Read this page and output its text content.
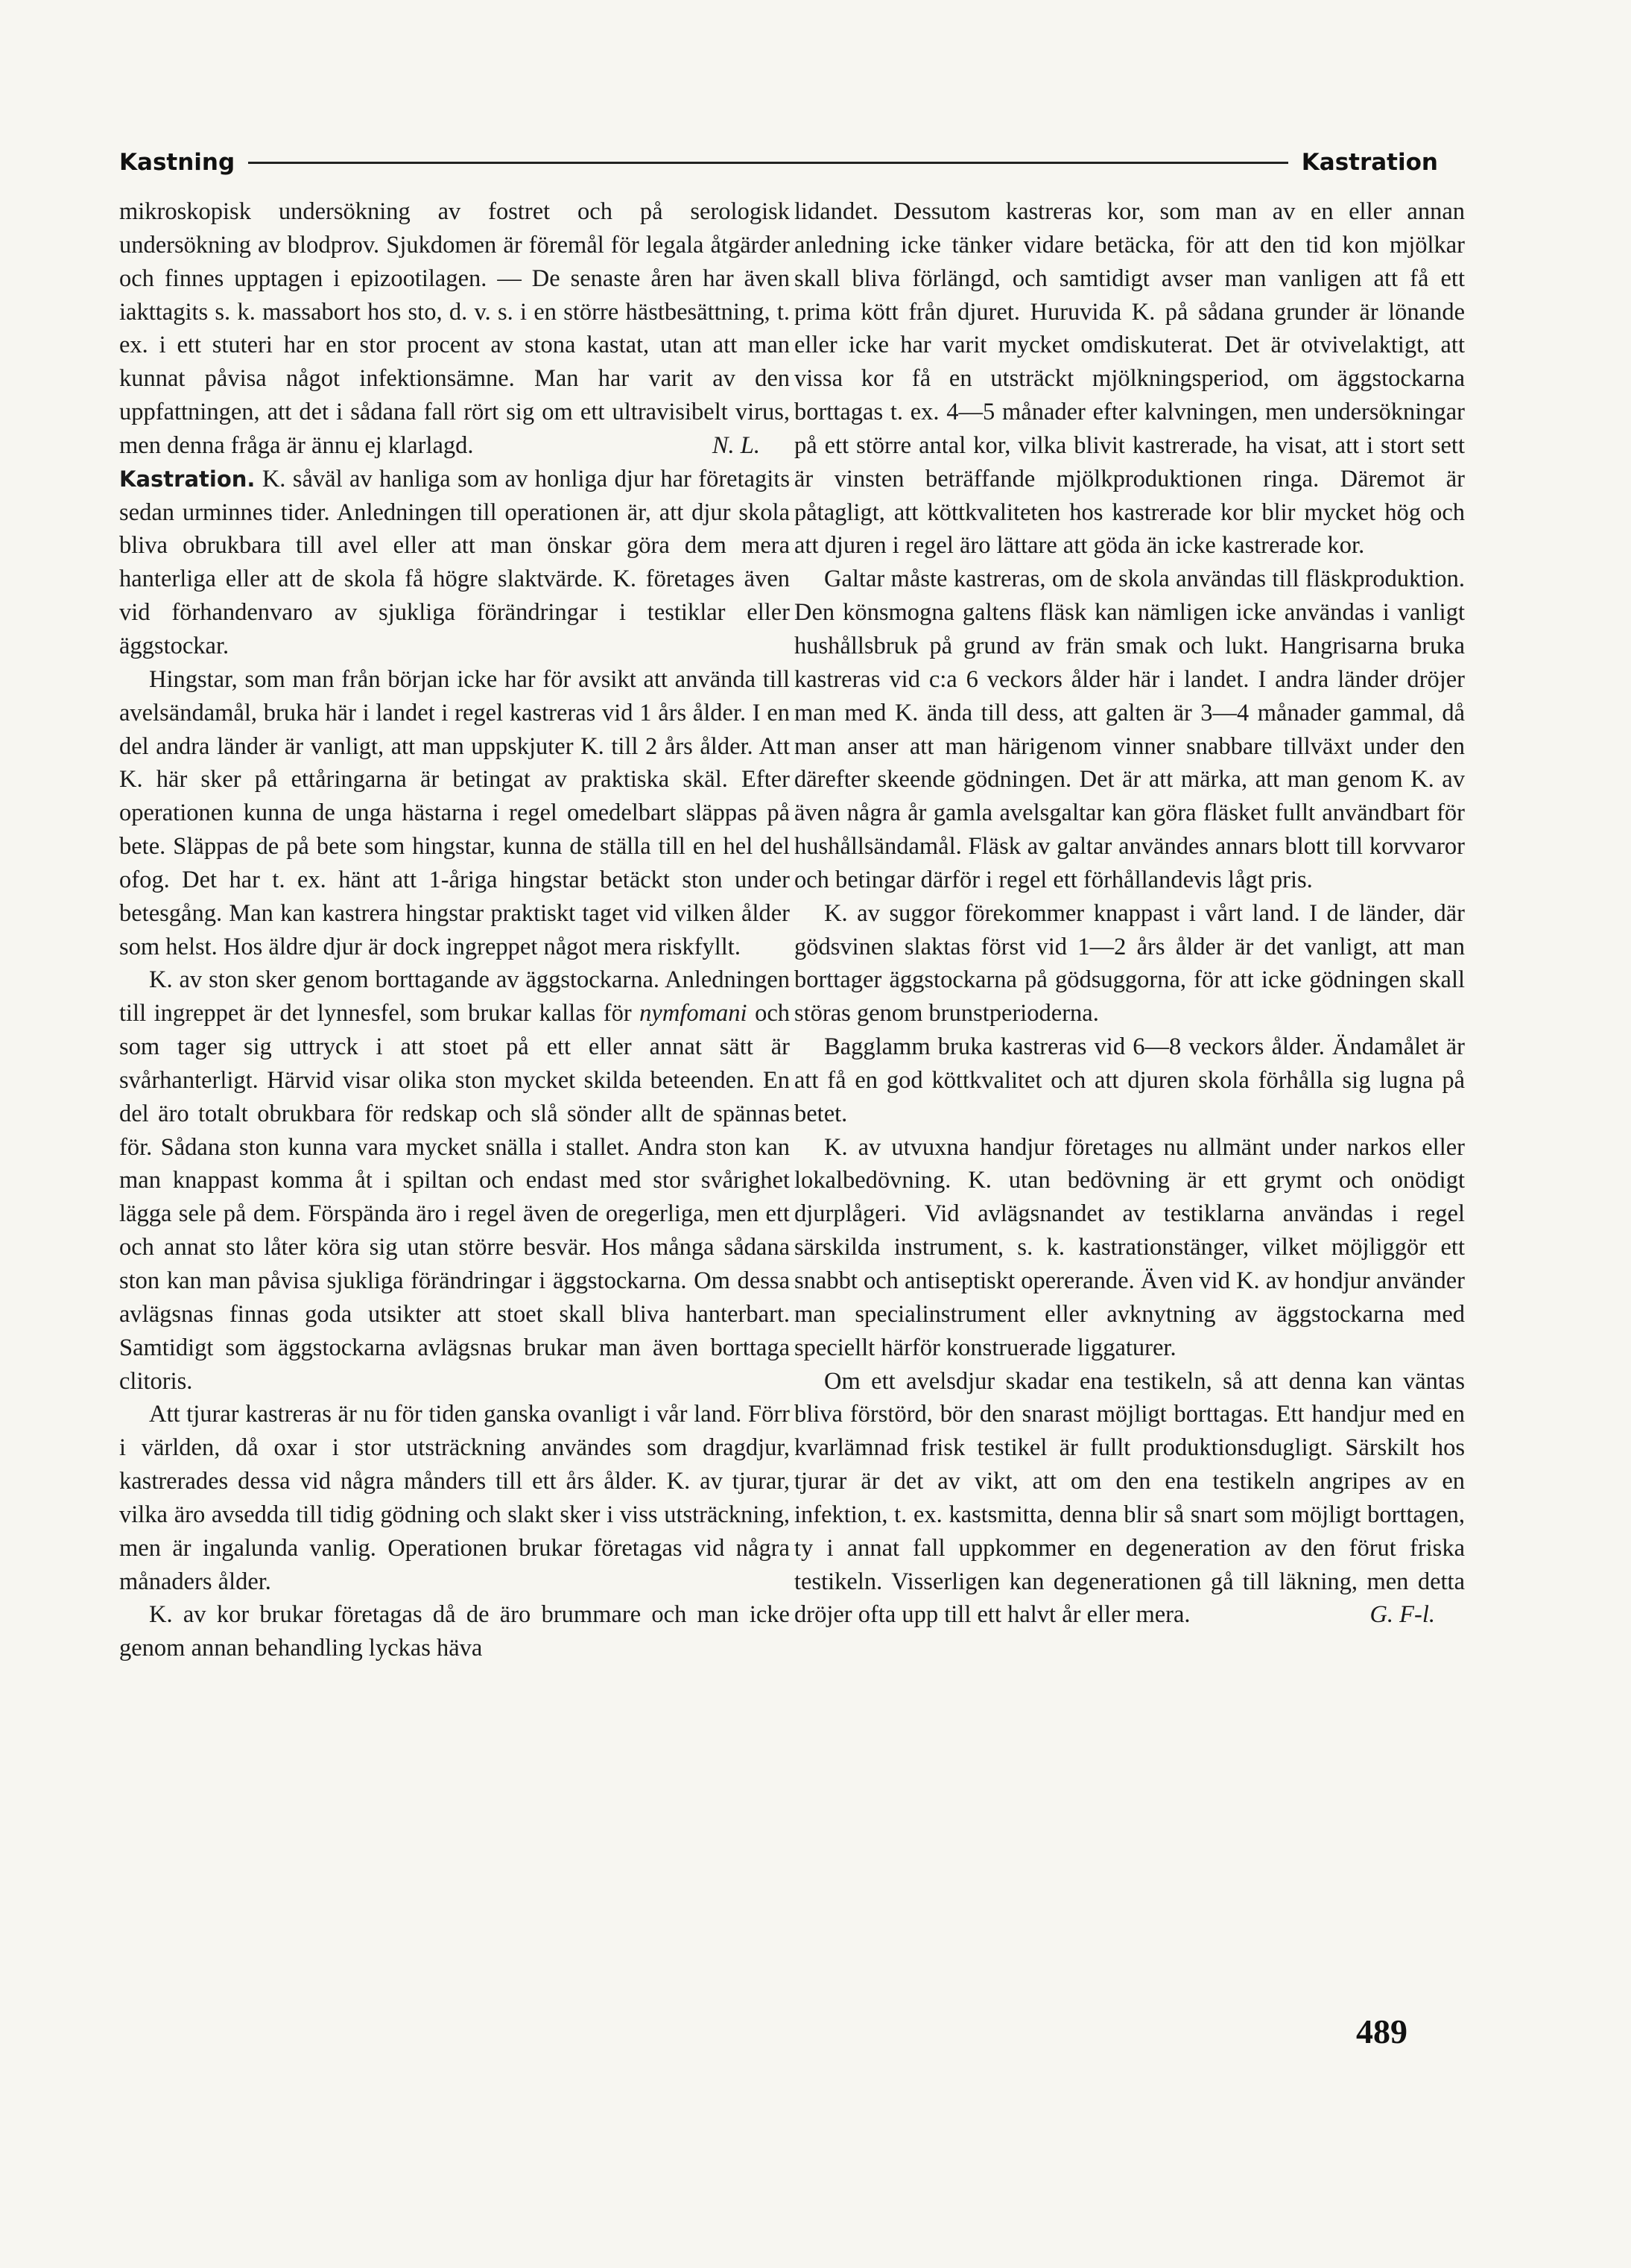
Kastning	Kastration

mikroskopisk undersökning av fostret och på serologisk undersökning av blodprov. Sjukdomen är föremål för legala åtgärder och finnes upptagen i epizootilagen. — De senaste åren har även iakttagits s. k. massabort hos sto, d. v. s. i en större hästbesättning, t. ex. i ett stuteri har en stor procent av stona kastat, utan att man kunnat påvisa något infektionsämne. Man har varit av den uppfattningen, att det i sådana fall rört sig om ett ultravisibelt virus, men denna fråga är ännu ej klarlagd.	N. L.

Kastration. K. såväl av hanliga som av honliga djur har företagits sedan urminnes tider. Anledningen till operationen är, att djur skola bliva obrukbara till avel eller att man önskar göra dem mera hanterliga eller att de skola få högre slaktvärde. K. företages även vid förhandenvaro av sjukliga förändringar i testiklar eller äggstockar.

Hingstar, som man från början icke har för avsikt att använda till avelsändamål, bruka här i landet i regel kastreras vid 1 års ålder. I en del andra länder är vanligt, att man uppskjuter K. till 2 års ålder. Att K. här sker på ettåringarna är betingat av praktiska skäl. Efter operationen kunna de unga hästarna i regel omedelbart släppas på bete. Släppas de på bete som hingstar, kunna de ställa till en hel del ofog. Det har t. ex. hänt att 1-åriga hingstar betäckt ston under betesgång. Man kan kastrera hingstar praktiskt taget vid vilken ålder som helst. Hos äldre djur är dock ingreppet något mera riskfyllt.

K. av ston sker genom borttagande av äggstockarna. Anledningen till ingreppet är det lynnesfel, som brukar kallas för nymfomani och som tager sig uttryck i att stoet på ett eller annat sätt är svårhanterligt. Härvid visar olika ston mycket skilda beteenden. En del äro totalt obrukbara för redskap och slå sönder allt de spännas för. Sådana ston kunna vara mycket snälla i stallet. Andra ston kan man knappast komma åt i spiltan och endast med stor svårighet lägga sele på dem. Förspända äro i regel även de oregerliga, men ett och annat sto låter köra sig utan större besvär. Hos många sådana ston kan man påvisa sjukliga förändringar i äggstockarna. Om dessa avlägsnas finnas goda utsikter att stoet skall bliva hanterbart. Samtidigt som äggstockarna avlägsnas brukar man även borttaga clitoris.

Att tjurar kastreras är nu för tiden ganska ovanligt i vår land. Förr i världen, då oxar i stor utsträckning användes som dragdjur, kastrerades dessa vid några månders till ett års ålder. K. av tjurar, vilka äro avsedda till tidig gödning och slakt sker i viss utsträckning, men är ingalunda vanlig. Operationen brukar företagas vid några månaders ålder.

K. av kor brukar företagas då de äro brummare och man icke genom annan behandling lyckas häva

lidandet. Dessutom kastreras kor, som man av en eller annan anledning icke tänker vidare betäcka, för att den tid kon mjölkar skall bliva förlängd, och samtidigt avser man vanligen att få ett prima kött från djuret. Huruvida K. på sådana grunder är lönande eller icke har varit mycket omdiskuterat. Det är otvivelaktigt, att vissa kor få en utsträckt mjölkningsperiod, om äggstockarna borttagas t. ex. 4—5 månader efter kalvningen, men undersökningar på ett större antal kor, vilka blivit kastrerade, ha visat, att i stort sett är vinsten beträffande mjölkproduktionen ringa. Däremot är påtagligt, att köttkvaliteten hos kastrerade kor blir mycket hög och att djuren i regel äro lättare att göda än icke kastrerade kor.

Galtar måste kastreras, om de skola användas till fläskproduktion. Den könsmogna galtens fläsk kan nämligen icke användas i vanligt hushållsbruk på grund av frän smak och lukt. Hangrisarna bruka kastreras vid c:a 6 veckors ålder här i landet. I andra länder dröjer man med K. ända till dess, att galten är 3—4 månader gammal, då man anser att man härigenom vinner snabbare tillväxt under den därefter skeende gödningen. Det är att märka, att man genom K. av även några år gamla avelsgaltar kan göra fläsket fullt användbart för hushållsändamål. Fläsk av galtar användes annars blott till korvvaror och betingar därför i regel ett förhållandevis lågt pris.

K. av suggor förekommer knappast i vårt land. I de länder, där gödsvinen slaktas först vid 1—2 års ålder är det vanligt, att man borttager äggstockarna på gödsuggorna, för att icke gödningen skall störas genom brunstperioderna.

Bagglamm bruka kastreras vid 6—8 veckors ålder. Ändamålet är att få en god köttkvalitet och att djuren skola förhålla sig lugna på betet.

K. av utvuxna handjur företages nu allmänt under narkos eller lokalbedövning. K. utan bedövning är ett grymt och onödigt djurplågeri. Vid avlägsnandet av testiklarna användas i regel särskilda instrument, s. k. kastrationstänger, vilket möjliggör ett snabbt och antiseptiskt opererande. Även vid K. av hondjur använder man specialinstrument eller avknytning av äggstockarna med speciellt härför konstruerade liggaturer.

Om ett avelsdjur skadar ena testikeln, så att denna kan väntas bliva förstörd, bör den snarast möjligt borttagas. Ett handjur med en kvarlämnad frisk testikel är fullt produktionsdugligt. Särskilt hos tjurar är det av vikt, att om den ena testikeln angripes av en infektion, t. ex. kastsmitta, denna blir så snart som möjligt borttagen, ty i annat fall uppkommer en degeneration av den förut friska testikeln. Visserligen kan degenerationen gå till läkning, men detta dröjer ofta upp till ett halvt år eller mera.	G. F-l.

489
